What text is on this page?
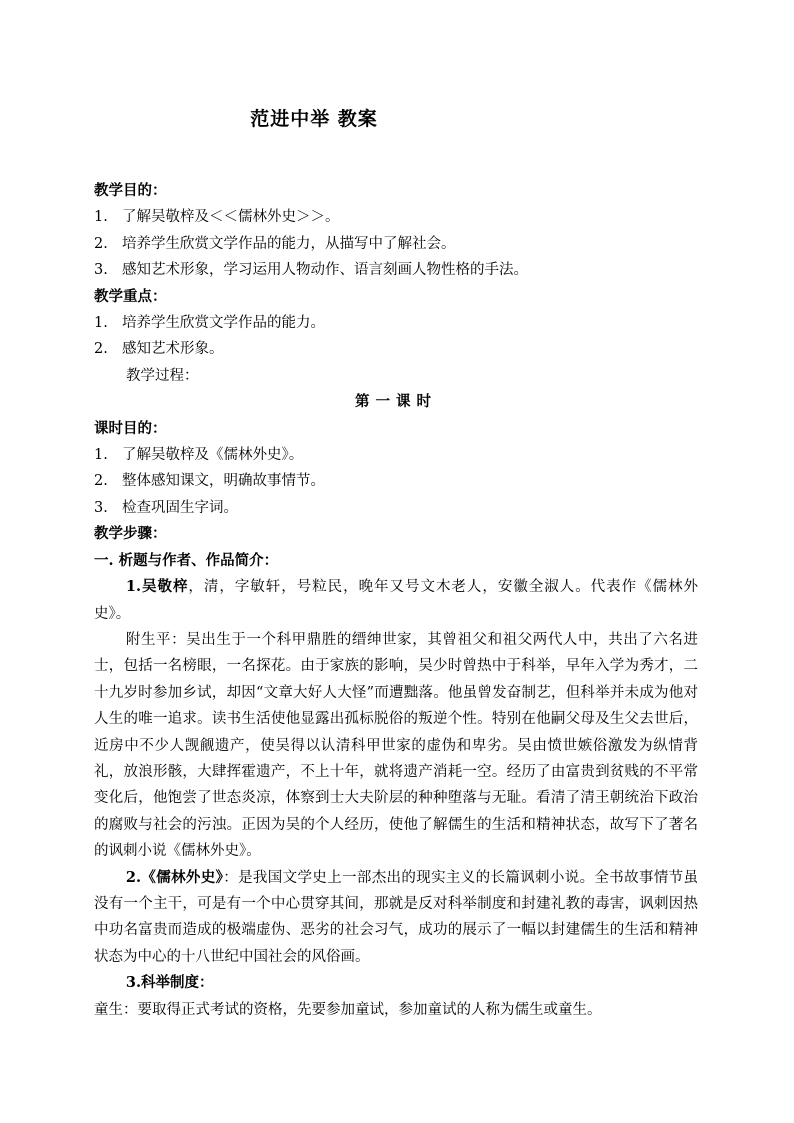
范进中举 教案

教学目的：

1. 了解吴敬梓及＜＜儒林外史＞＞。

2. 培养学生欣赏文学作品的能力，从描写中了解社会。

3. 感知艺术形象，学习运用人物动作、语言刻画人物性格的手法。

教学重点：

1. 培养学生欣赏文学作品的能力。

2. 感知艺术形象。

教学过程：

第一课时

课时目的：

1. 了解吴敬梓及《儒林外史》。

2. 整体感知课文，明确故事情节。

3. 检查巩固生字词。

教学步骤：

一. 析题与作者、作品简介：

1.吴敬梓，清，字敏轩，号粒民，晚年又号文木老人，安徽全淑人。代表作《儒林外史》。

附生平：吴出生于一个科甲鼎胜的缙绅世家，其曾祖父和祖父两代人中，共出了六名进士，包括一名榜眼，一名探花。由于家族的影响，吴少时曾热中于科举，早年入学为秀才，二十九岁时参加乡试，却因“文章大好人大怪”而遭黜落。他虽曾发奋制艺，但科举并未成为他对人生的唯一追求。读书生活使他显露出孤标脱俗的叛逆个性。特别在他嗣父母及生父去世后，近房中不少人觊觎遗产，使吴得以认清科甲世家的虚伪和卑劣。吴由愤世嫉俗激发为纵情背礼，放浪形骸，大肆挥霍遗产，不上十年，就将遗产消耗一空。经历了由富贵到贫贱的不平常变化后，他饱尝了世态炎凉，体察到士大夫阶层的种种堕落与无耻。看清了清王朝统治下政治的腐败与社会的污浊。正因为吴的个人经历，使他了解儒生的生活和精神状态，故写下了著名的讽刺小说《儒林外史》。

2.《儒林外史》：是我国文学史上一部杰出的现实主义的长篇讽刺小说。全书故事情节虽没有一个主干，可是有一个中心贯穿其间，那就是反对科举制度和封建礼教的毒害，讽刺因热中功名富贵而造成的极端虚伪、恶劣的社会习气，成功的展示了一幅以封建儒生的生活和精神状态为中心的十八世纪中国社会的风俗画。

3.科举制度：

童生：要取得正式考试的资格，先要参加童试，参加童试的人称为儒生或童生。
